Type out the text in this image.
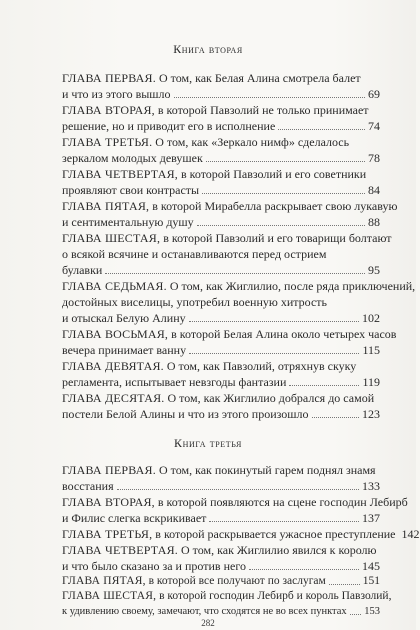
Книга вторая
ГЛАВА ПЕРВАЯ. О том, как Белая Алина смотрела балет
и что из этого вышло	69
ГЛАВА ВТОРАЯ, в которой Павзолий не только принимает
решение, но и приводит его в исполнение	74
ГЛАВА ТРЕТЬЯ. О том, как «Зеркало нимф» сделалось
зеркалом молодых девушек	78
ГЛАВА ЧЕТВЕРТАЯ, в которой Павзолий и его советники
проявляют свои контрасты	84
ГЛАВА ПЯТАЯ, в которой Мирабелла раскрывает свою лукавую
и сентиментальную душу	88
ГЛАВА ШЕСТАЯ, в которой Павзолий и его товарищи болтают
о всякой всячине и останавливаются перед острием
булавки	95
ГЛАВА СЕДЬМАЯ. О том, как Жиглилио, после ряда приключений,
достойных виселицы, употребил военную хитрость
и отыскал Белую Алину	102
ГЛАВА ВОСЬМАЯ, в которой Белая Алина около четырех часов
вечера принимает ванну	115
ГЛАВА ДЕВЯТАЯ. О том, как Павзолий, отряхнув скуку
регламента, испытывает невзгоды фантазии	119
ГЛАВА ДЕСЯТАЯ. О том, как Жиглилио добрался до самой
постели Белой Алины и что из этого произошло	123
Книга третья
ГЛАВА ПЕРВАЯ. О том, как покинутый гарем поднял знамя
восстания	133
ГЛАВА ВТОРАЯ, в которой появляются на сцене господин Лебирб
и Филис слегка вскрикивает	137
ГЛАВА ТРЕТЬЯ, в которой раскрывается ужасное преступление 142
ГЛАВА ЧЕТВЕРТАЯ. О том, как Жиглилио явился к королю
и что было сказано за и против него	145
ГЛАВА ПЯТАЯ, в которой все получают по заслугам	151
ГЛАВА ШЕСТАЯ, в которой господин Лебирб и король Павзолий,
к удивлению своему, замечают, что сходятся не во всех пунктах 153
282
